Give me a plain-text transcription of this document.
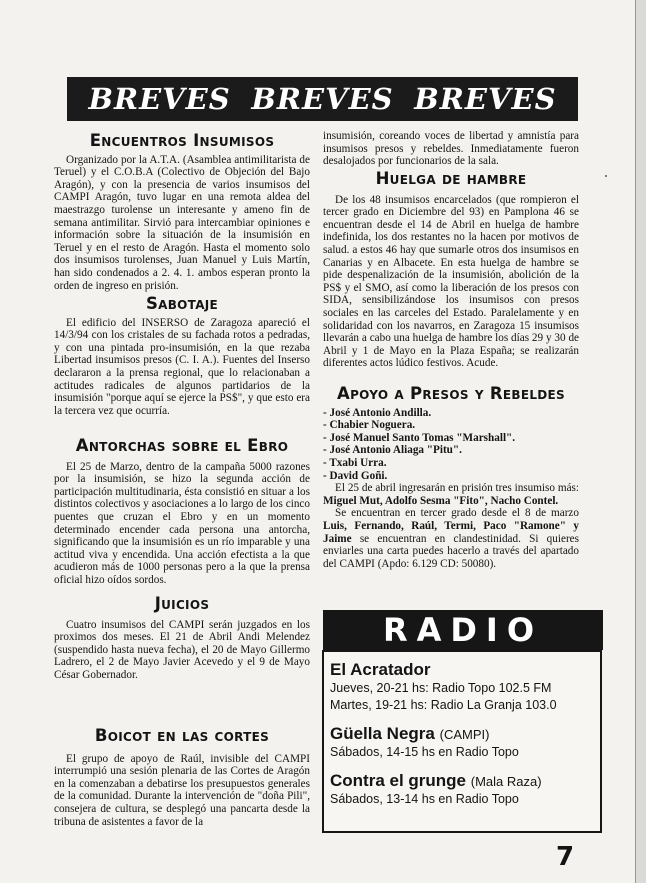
BREVES BREVES BREVES
Encuentros Insumisos

Organizado por la A.T.A. (Asamblea antimilitarista de Teruel) y el C.O.B.A (Colectivo de Objeción del Bajo Aragón), y con la presencia de varios insumisos del CAMPI Aragón, tuvo lugar en una remota aldea del maestrazgo turolense un interesante y ameno fin de semana antimilitar. Sirvió para intercambiar opiniones e información sobre la situación de la insumisión en Teruel y en el resto de Aragón. Hasta el momento solo dos insumisos turolenses, Juan Manuel y Luis Martín, han sido condenados a 2. 4. 1. ambos esperan pronto la orden de ingreso en prisión.

Sabotaje

El edificio del INSERSO de Zaragoza apareció el 14/3/94 con los cristales de su fachada rotos a pedradas, y con una pintada pro-insumisión, en la que rezaba Libertad insumisos presos (C. I. A.). Fuentes del Inserso declararon a la prensa regional, que lo relacionaban a actitudes radicales de algunos partidarios de la insumisión "porque aquí se ejerce la PS$", y que esto era la tercera vez que ocurría.

Antorchas sobre el Ebro

El 25 de Marzo, dentro de la campaña 5000 razones por la insumisión, se hizo la segunda acción de participación multitudinaria, ésta consistió en situar a los distintos colectivos y asociaciones a lo largo de los cinco puentes que cruzan el Ebro y en un momento determinado encender cada persona una antorcha, significando que la insumisión es un río imparable y una actitud viva y encendida. Una acción efectista a la que acudieron más de 1000 personas pero a la que la prensa oficial hizo oídos sordos.

Juicios

Cuatro insumisos del CAMPI serán juzgados en los proximos dos meses. El 21 de Abril Andi Melendez (suspendido hasta nueva fecha), el 20 de Mayo Gillermo Ladrero, el 2 de Mayo Javier Acevedo y el 9 de Mayo César Gobernador.

Boicot en las cortes

El grupo de apoyo de Raúl, invisible del CAMPI interrumpió una sesión plenaria de las Cortes de Aragón en la comenzaban a debatirse los presupuestos generales de la comunidad. Durante la intervención de "doña Pili", consejera de cultura, se desplegó una pancarta desde la tribuna de asistentes a favor de la

insumisión, coreando voces de libertad y amnistía para insumisos presos y rebeldes. Inmediatamente fueron desalojados por funcionarios de la sala.

Huelga de hambre

De los 48 insumisos encarcelados (que rompieron el tercer grado en Diciembre del 93) en Pamplona 46 se encuentran desde el 14 de Abril en huelga de hambre indefinida, los dos restantes no la hacen por motivos de salud. a estos 46 hay que sumarle otros dos insumisos en Canarias y en Albacete. En esta huelga de hambre se pide despenalización de la insumisión, abolición de la PS$ y el SMO, así como la liberación de los presos con SIDA, sensibilizándose los insumisos con presos sociales en las carceles del Estado. Paralelamente y en solidaridad con los navarros, en Zaragoza 15 insumisos llevarán a cabo una huelga de hambre los días 29 y 30 de Abril y 1 de Mayo en la Plaza España; se realizarán diferentes actos lúdico festivos. Acude.

Apoyo a Presos y Rebeldes
- José Antonio Andilla.
- Chabier Noguera.
- José Manuel Santo Tomas "Marshall".
- José Antonio Aliaga "Pitu".
- Txabi Urra.
- David Goñi.

El 25 de abril ingresarán en prisión tres insumiso más: Miguel Mut, Adolfo Sesma "Fito", Nacho Contel.

Se encuentran en tercer grado desde el 8 de marzo Luis, Fernando, Raúl, Termi, Paco "Ramone" y Jaime se encuentran en clandestinidad. Si quieres enviarles una carta puedes hacerlo a través del apartado del CAMPI (Apdo: 6.129 CD: 50080).

RADIO

El Acratador

Jueves, 20-21 hs: Radio Topo 102.5 FM

Martes, 19-21 hs: Radio La Granja 103.0

Güella Negra (CAMPI)

Sábados, 14-15 hs en Radio Topo

Contra el grunge (Mala Raza)

Sábados, 13-14 hs en Radio Topo

7
